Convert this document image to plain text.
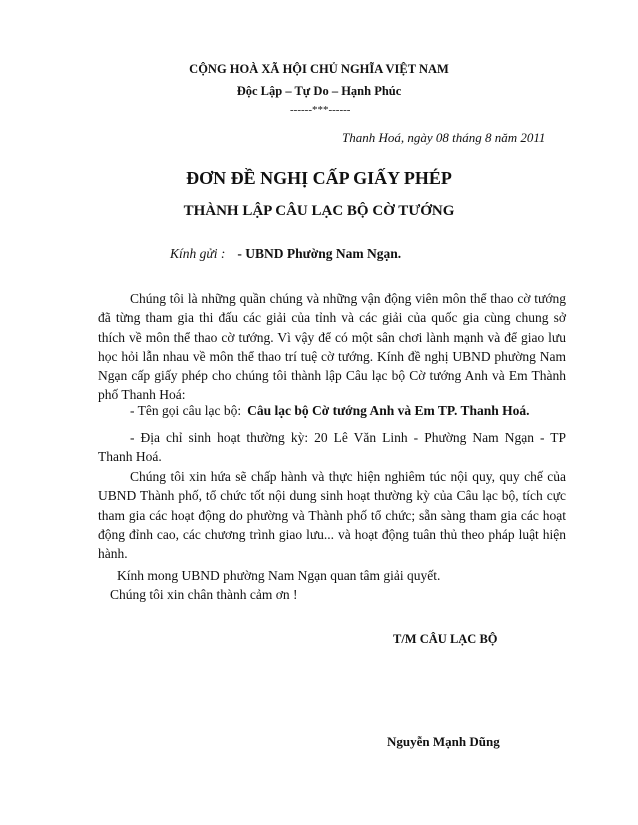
CỘNG HOÀ XÃ HỘI CHỦ NGHĨA VIỆT NAM
Độc Lập – Tự Do – Hạnh Phúc
------***------
Thanh Hoá, ngày 08 tháng 8 năm 2011
ĐƠN ĐỀ NGHỊ CẤP GIẤY PHÉP
THÀNH LẬP CÂU LẠC BỘ CỜ TƯỚNG
Kính gửi : - UBND Phường Nam Ngạn.
Chúng tôi là những quần chúng và những vận động viên môn thể thao cờ tướng
đã từng tham gia thi đấu các giải của tỉnh và các giải của quốc gia cùng chung sở
thích về môn thể thao cờ tướng. Vì vậy để có một sân chơi lành mạnh và để giao lưu
học hỏi lẫn nhau về môn thể thao trí tuệ cờ tướng. Kính đề nghị UBND phường Nam
Ngạn cấp giấy phép cho chúng tôi thành lập Câu lạc bộ Cờ tướng Anh và Em Thành
phố Thanh Hoá:
- Tên gọi câu lạc bộ: Câu lạc bộ Cờ tướng Anh và Em TP. Thanh Hoá.
- Địa chỉ sinh hoạt thường kỳ: 20 Lê Văn Linh - Phường Nam Ngạn - TP
Thanh Hoá.
Chúng tôi xin hứa sẽ chấp hành và thực hiện nghiêm túc nội quy, quy chế của
UBND Thành phố, tổ chức tốt nội dung sinh hoạt thường kỳ của Câu lạc bộ, tích cực
tham gia các hoạt động do phường và Thành phố tổ chức; sẵn sàng tham gia các hoạt
động đỉnh cao, các chương trình giao lưu... và hoạt động tuân thủ theo pháp luật hiện
hành.
Kính mong UBND phường Nam Ngạn quan tâm giải quyết.
Chúng tôi xin chân thành cảm ơn !
T/M CÂU LẠC BỘ
Nguyễn Mạnh Dũng
